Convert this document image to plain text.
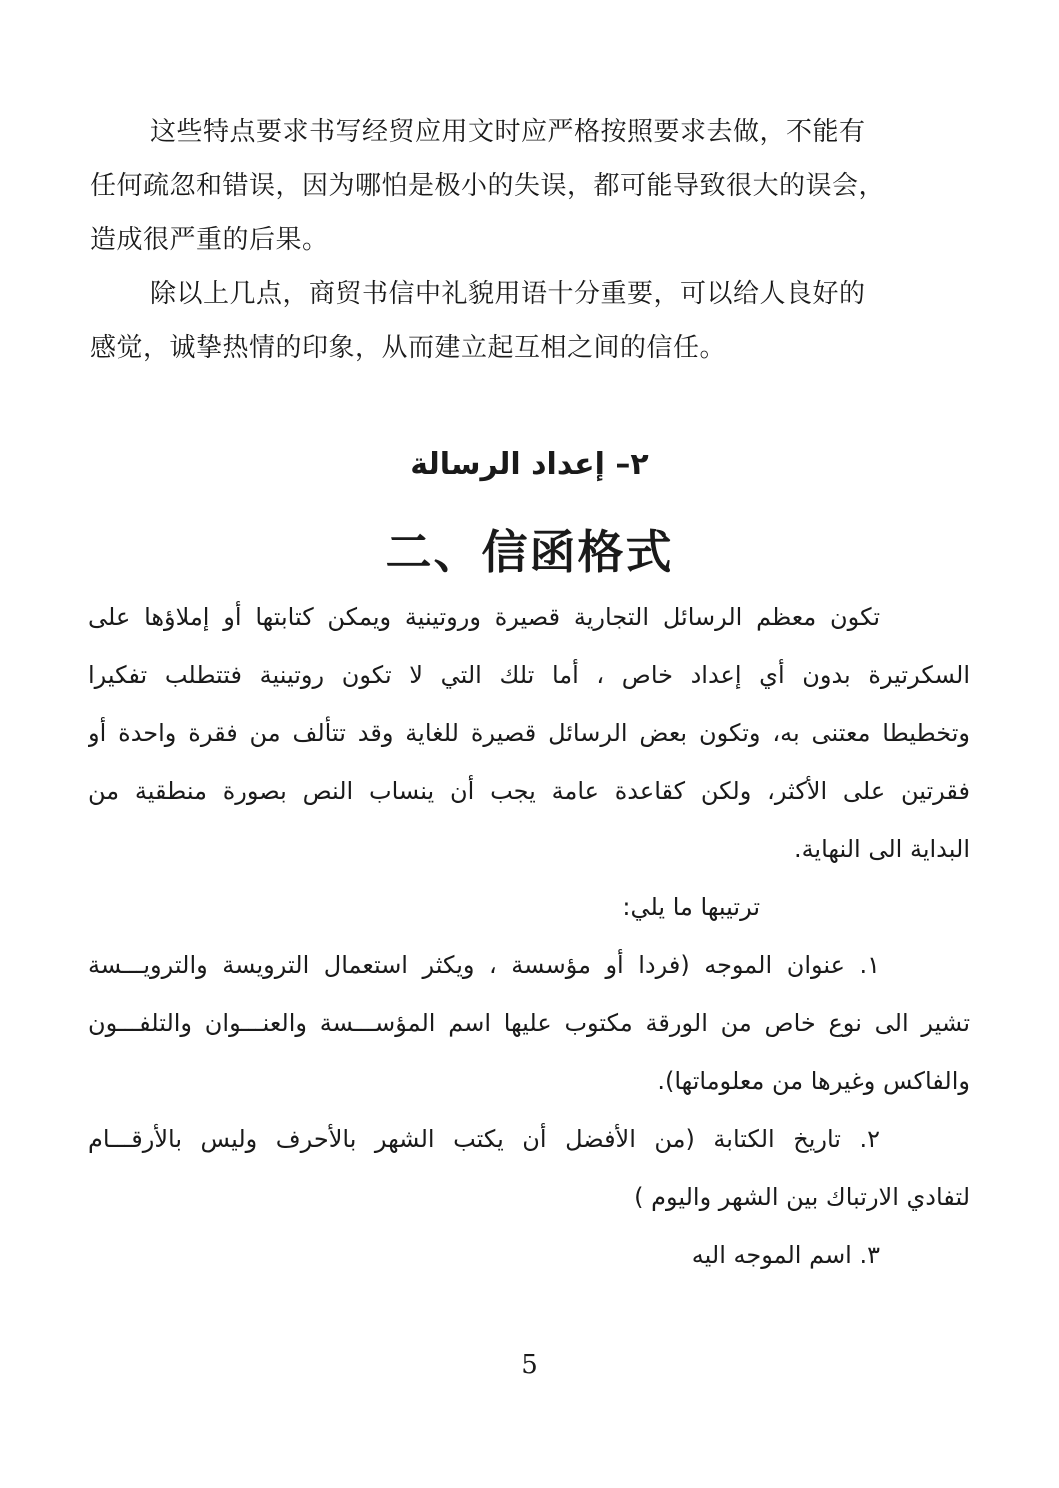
这些特点要求书写经贸应用文时应严格按照要求去做，不能有
任何疏忽和错误，因为哪怕是极小的失误，都可能导致很大的误会，
造成很严重的后果。
除以上几点，商贸书信中礼貌用语十分重要，可以给人良好的
感觉，诚挚热情的印象，从而建立起互相之间的信任。
٢– إعداد الرسالة
二、信函格式
تكون معظم الرسائل التجارية قصيرة وروتينية ويمكن كتابتها أو إملاؤها على
السكرتيرة بدون أي إعداد خاص ، أما تلك التي لا تكون روتينية فتتطلب تفكيرا
وتخطيطا معتنى به، وتكون بعض الرسائل قصيرة للغاية وقد تتألف من فقرة واحدة أو
فقرتين على الأكثر، ولكن كقاعدة عامة يجب أن ينساب النص بصورة منطقية من
البداية الى النهاية.
ترتيبها ما يلي:
١. عنوان الموجه (فردا أو مؤسسة ، ويكثر استعمال الترويسة والترويـــسة
تشير الى نوع خاص من الورقة مكتوب عليها اسم المؤســـسة والعنـــوان والتلفـــون
والفاكس وغيرها من معلوماتها).
٢. تاريخ الكتابة (من الأفضل أن يكتب الشهر بالأحرف وليس بالأرقـــام
لتفادي الارتباك بين الشهر واليوم )
٣. اسم الموجه اليه
5
